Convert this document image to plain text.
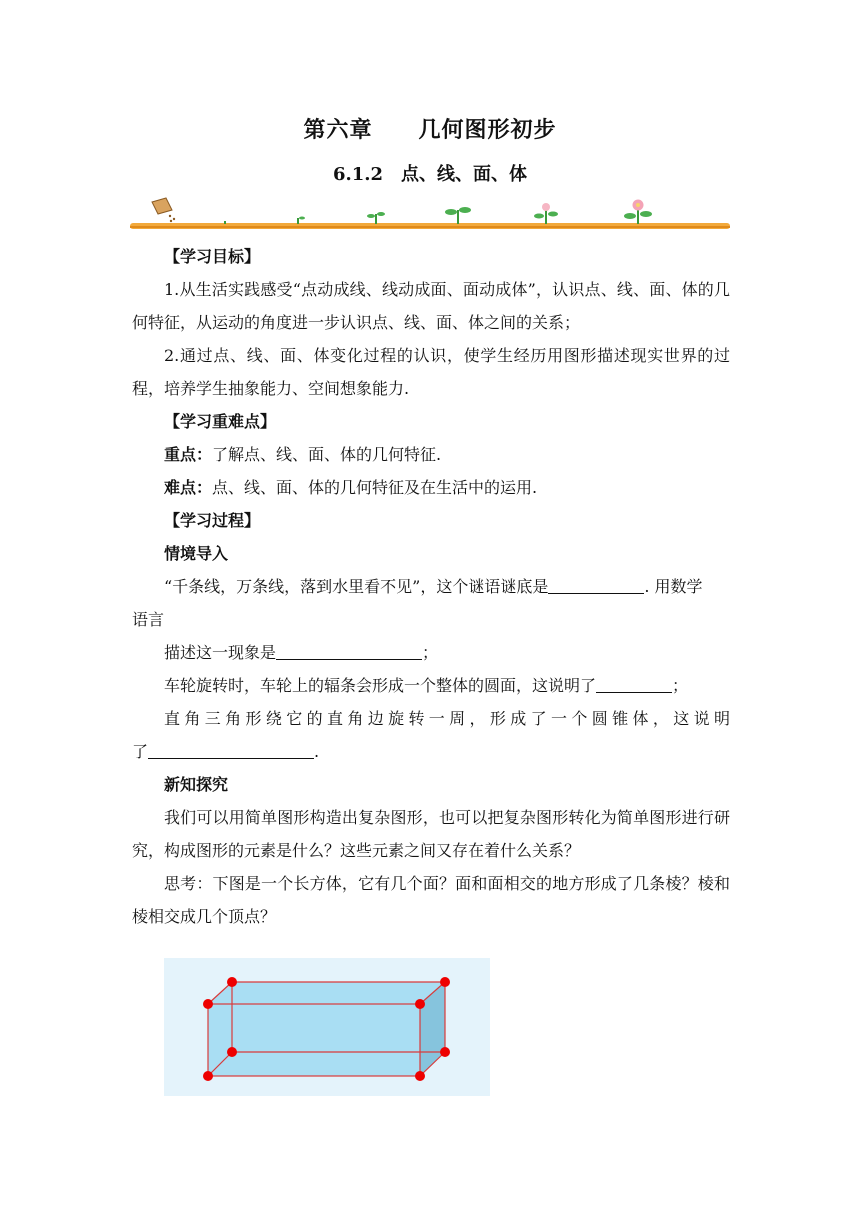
第六章　　几何图形初步
6.1.2　点、线、面、体

【学习目标】

1.从生活实践感受“点动成线、线动成面、面动成体”，认识点、线、面、体的几何特征，从运动的角度进一步认识点、线、面、体之间的关系；

2.通过点、线、面、体变化过程的认识，使学生经历用图形描述现实世界的过程，培养学生抽象能力、空间想象能力.

【学习重难点】

重点：了解点、线、面、体的几何特征.

难点：点、线、面、体的几何特征及在生活中的运用.

【学习过程】

情境导入

“千条线，万条线，落到水里看不见”，这个谜语谜底是	. 用数学
语言

描述这一现象是	；

车轮旋转时，车轮上的辐条会形成一个整体的圆面，这说明了	；

直角三角形绕它的直角边旋转一周，形成了一个圆锥体，这说明

了	.

新知探究

我们可以用简单图形构造出复杂图形，也可以把复杂图形转化为简单图形进行研究，构成图形的元素是什么？这些元素之间又存在着什么关系？

思考：下图是一个长方体，它有几个面？面和面相交的地方形成了几条棱？棱和棱相交成几个顶点？
